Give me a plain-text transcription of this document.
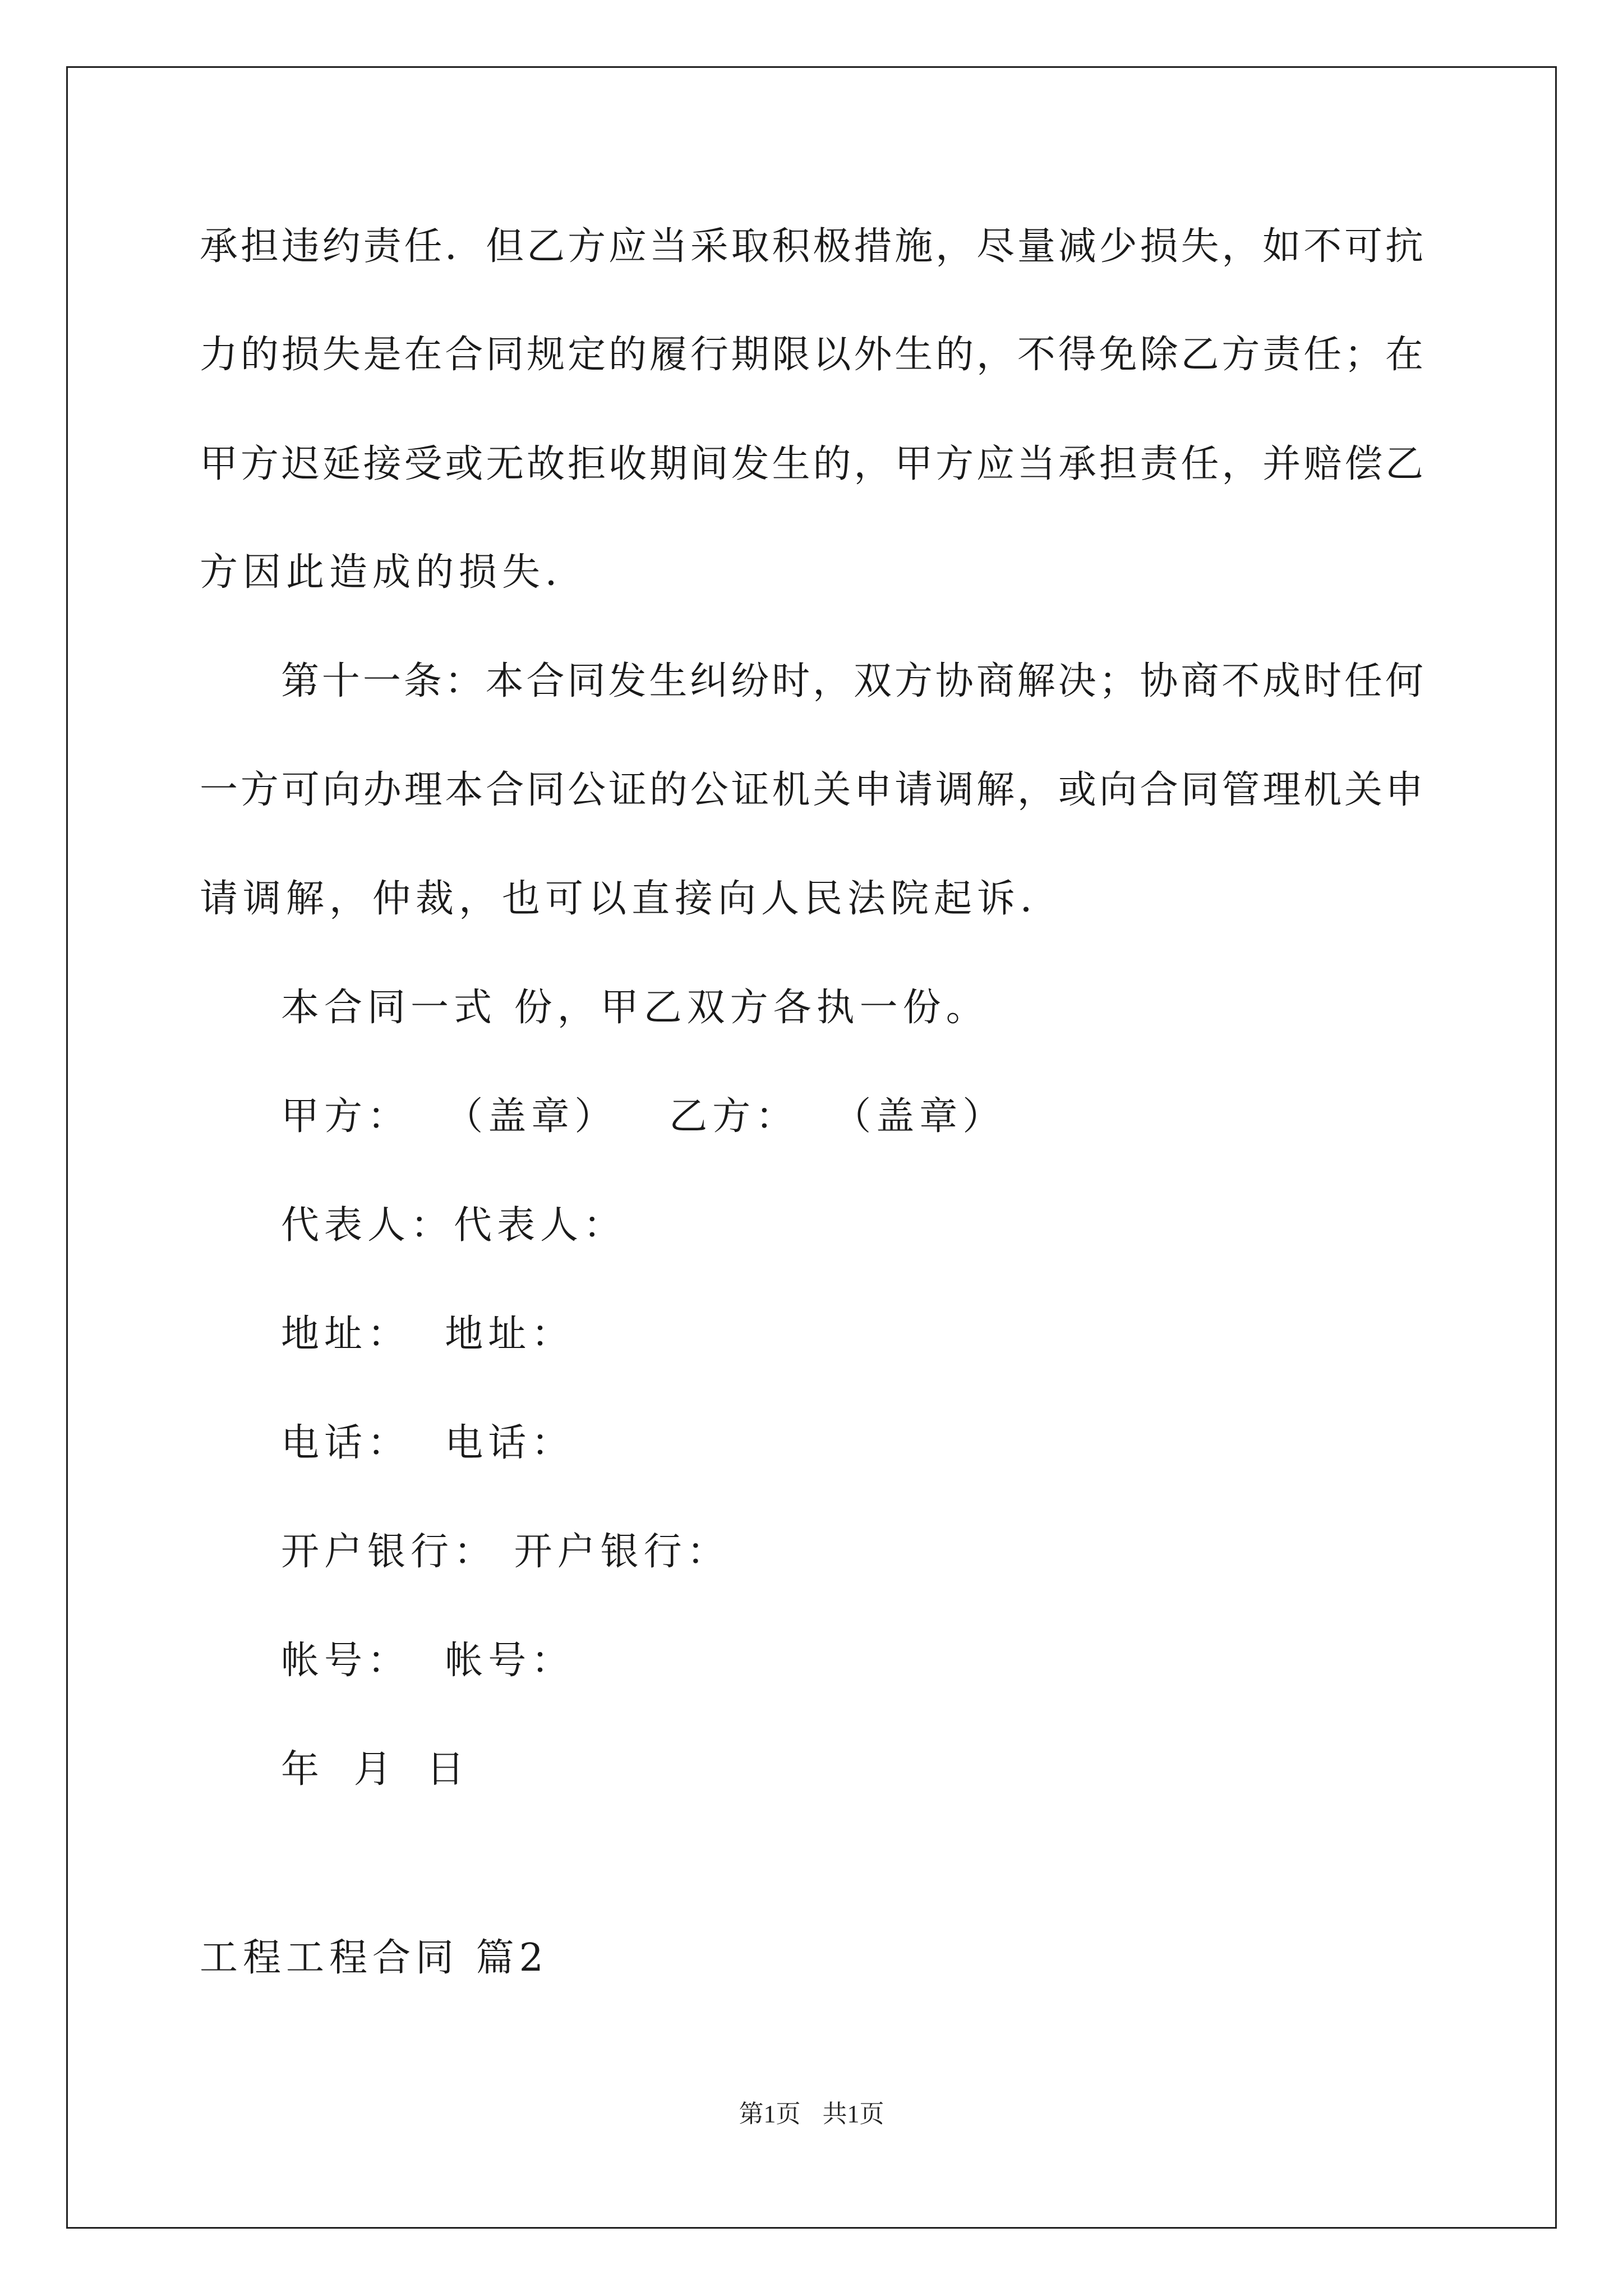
承担违约责任．但乙方应当采取积极措施，尽量减少损失，如不可抗
力的损失是在合同规定的履行期限以外生的，不得免除乙方责任；在
甲方迟延接受或无故拒收期间发生的，甲方应当承担责任，并赔偿乙
方因此造成的损失．
第十一条：本合同发生纠纷时，双方协商解决；协商不成时任何
一方可向办理本合同公证的公证机关申请调解，或向合同管理机关申
请调解，仲裁，也可以直接向人民法院起诉．
本合同一式 份，甲乙双方各执一份。
甲方：  （盖章）   乙方：  （盖章）
代表人：代表人：
地址：  地址：
电话：  电话：
开户银行： 开户银行：
帐号：  帐号：
年 月 日
工程工程合同 篇2
第1页 共1页
